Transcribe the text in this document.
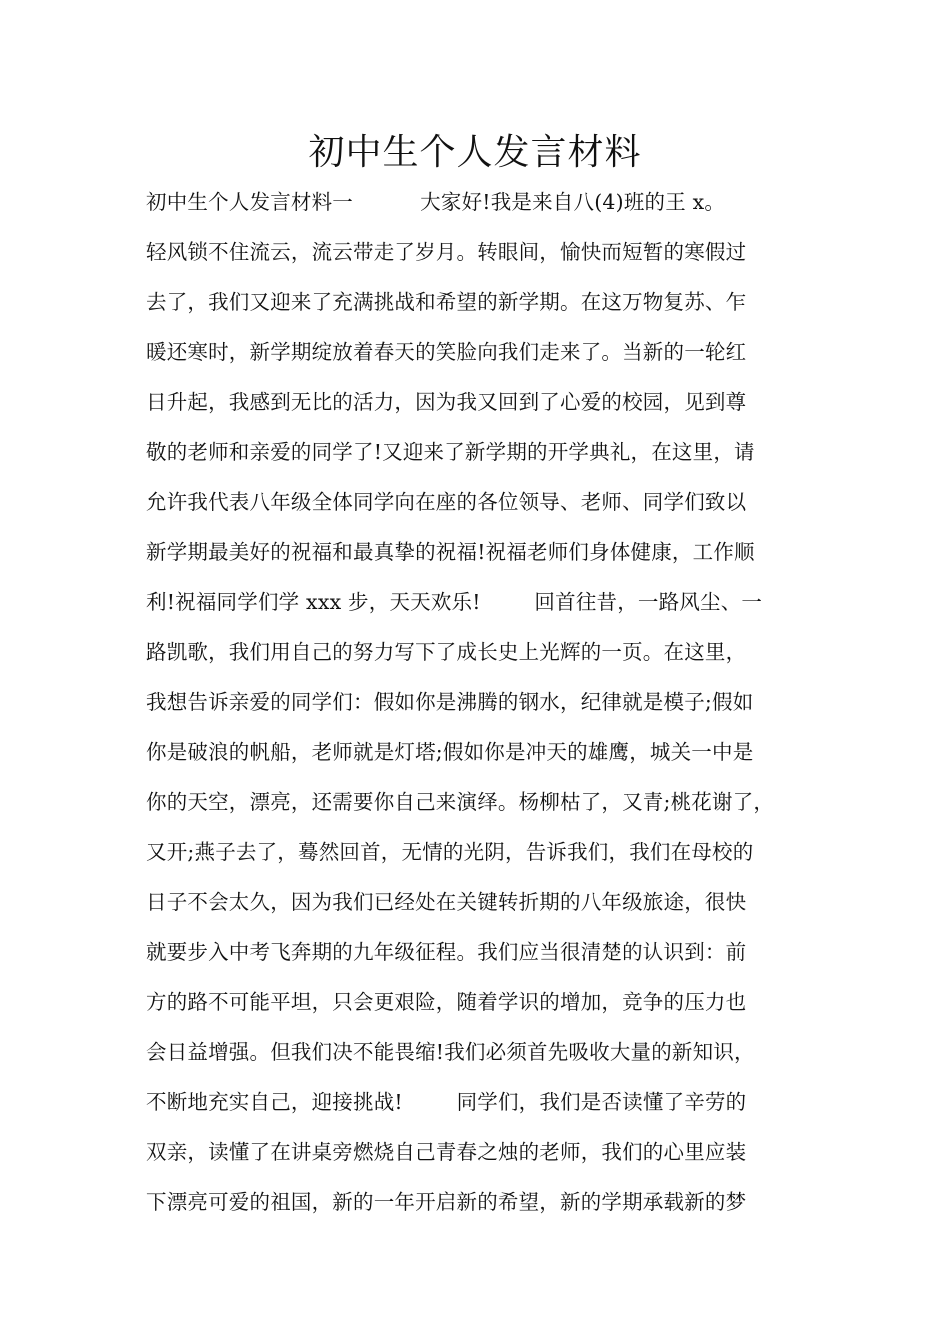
初中生个人发言材料
初中生个人发言材料一          大家好!我是来自八(4)班的王 x。
轻风锁不住流云，流云带走了岁月。转眼间，愉快而短暂的寒假过
去了，我们又迎来了充满挑战和希望的新学期。在这万物复苏、乍
暖还寒时，新学期绽放着春天的笑脸向我们走来了。当新的一轮红
日升起，我感到无比的活力，因为我又回到了心爱的校园，见到尊
敬的老师和亲爱的同学了!又迎来了新学期的开学典礼，在这里，请
允许我代表八年级全体同学向在座的各位领导、老师、同学们致以
新学期最美好的祝福和最真挚的祝福!祝福老师们身体健康，工作顺
利!祝福同学们学 xxx 步，天天欢乐!        回首往昔，一路风尘、一
路凯歌，我们用自己的努力写下了成长史上光辉的一页。在这里，
我想告诉亲爱的同学们：假如你是沸腾的钢水，纪律就是模子;假如
你是破浪的帆船，老师就是灯塔;假如你是冲天的雄鹰，城关一中是
你的天空，漂亮，还需要你自己来演绎。杨柳枯了，又青;桃花谢了，
又开;燕子去了，蓦然回首，无情的光阴，告诉我们，我们在母校的
日子不会太久，因为我们已经处在关键转折期的八年级旅途，很快
就要步入中考飞奔期的九年级征程。我们应当很清楚的认识到：前
方的路不可能平坦，只会更艰险，随着学识的增加，竞争的压力也
会日益增强。但我们决不能畏缩!我们必须首先吸收大量的新知识，
不断地充实自己，迎接挑战!        同学们，我们是否读懂了辛劳的
双亲，读懂了在讲桌旁燃烧自己青春之烛的老师，我们的心里应装
下漂亮可爱的祖国，新的一年开启新的希望，新的学期承载新的梦
